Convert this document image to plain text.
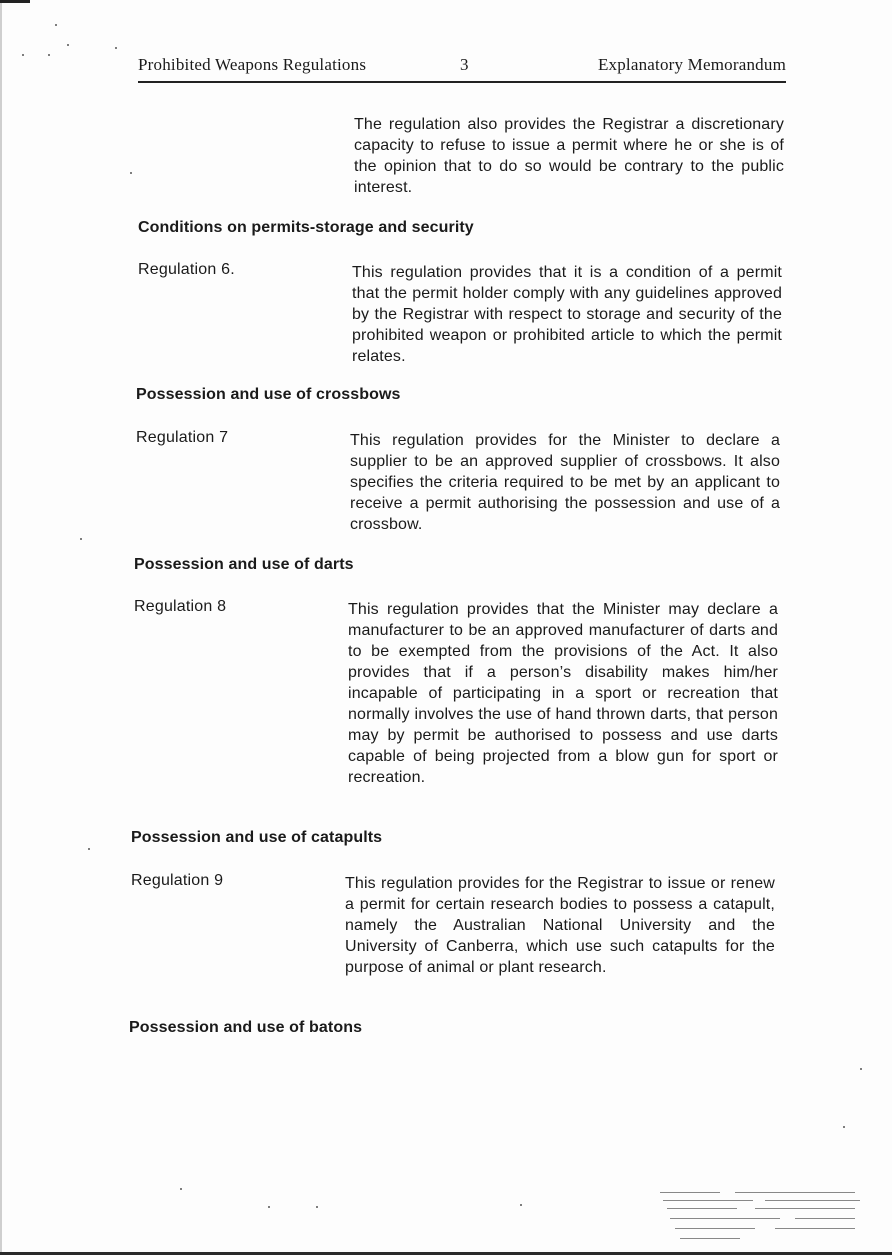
Prohibited Weapons Regulations	3	Explanatory Memorandum
The regulation also provides the Registrar a discretionary capacity to refuse to issue a permit where he or she is of the opinion that to do so would be contrary to the public interest.
Conditions on permits-storage and security
Regulation 6.	This regulation provides that it is a condition of a permit that the permit holder comply with any guidelines approved by the Registrar with respect to storage and security of the prohibited weapon or prohibited article to which the permit relates.
Possession and use of crossbows
Regulation 7	This regulation provides for the Minister to declare a supplier to be an approved supplier of crossbows. It also specifies the criteria required to be met by an applicant to receive a permit authorising the possession and use of a crossbow.
Possession and use of darts
Regulation 8	This regulation provides that the Minister may declare a manufacturer to be an approved manufacturer of darts and to be exempted from the provisions of the Act. It also provides that if a person’s disability makes him/her incapable of participating in a sport or recreation that normally involves the use of hand thrown darts, that person may by permit be authorised to possess and use darts capable of being projected from a blow gun for sport or recreation.
Possession and use of catapults
Regulation 9	This regulation provides for the Registrar to issue or renew a permit for certain research bodies to possess a catapult, namely the Australian National University and the University of Canberra, which use such catapults for the purpose of animal or plant research.
Possession and use of batons
